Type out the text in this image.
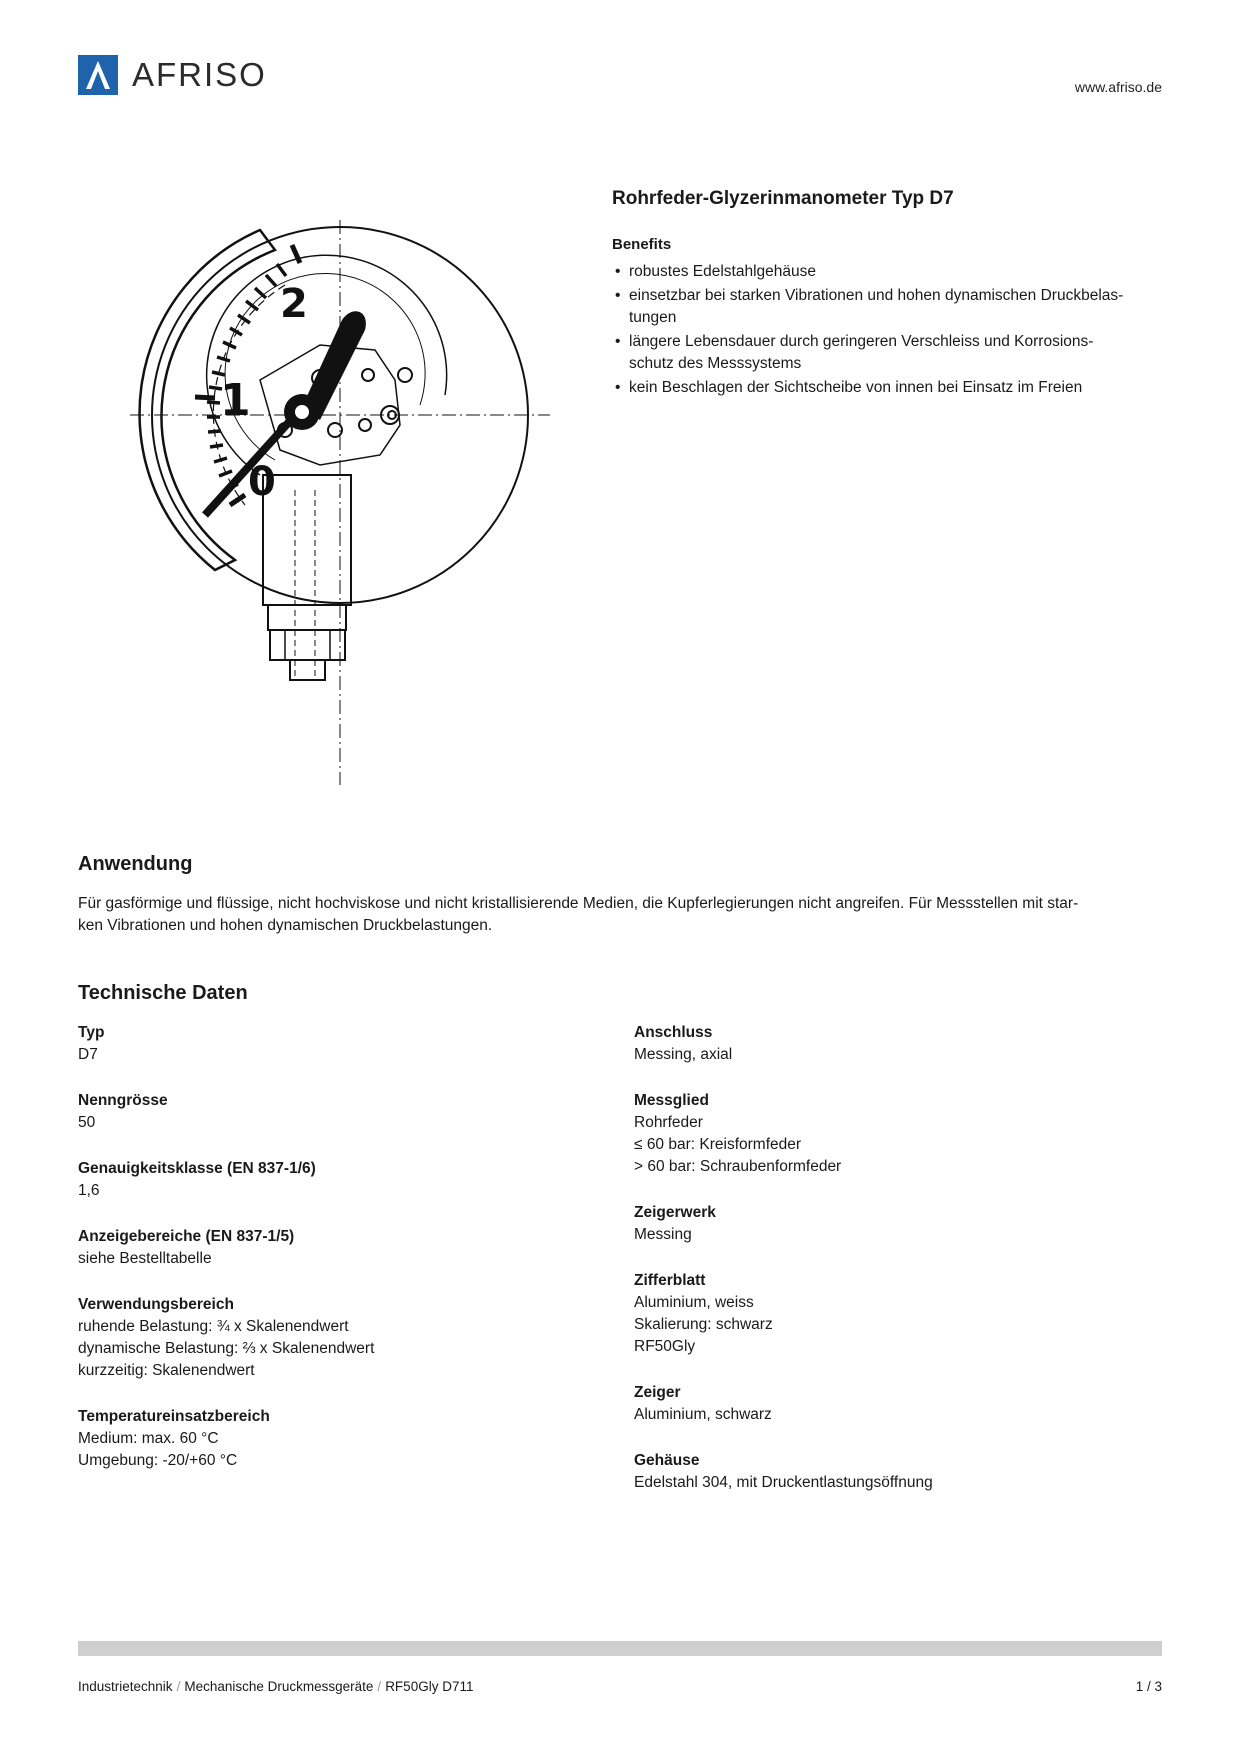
AFRISO	www.afriso.de
2
1
0
Rohrfeder-Glyzerinmanometer Typ D7
Benefits
• robustes Edelstahlgehäuse
• einsetzbar bei starken Vibrationen und hohen dynamischen Druckbelas-
tungen
• längere Lebensdauer durch geringeren Verschleiss und Korrosions-
schutz des Messsystems
• kein Beschlagen der Sichtscheibe von innen bei Einsatz im Freien
Anwendung

Für gasförmige und flüssige, nicht hochviskose und nicht kristallisierende Medien, die Kupferlegierungen nicht angreifen. Für Messstellen mit star-
ken Vibrationen und hohen dynamischen Druckbelastungen.

Technische Daten
Typ
D7
Nenngrösse
50
Genauigkeitsklasse (EN 837-1/6)
1,6
Anzeigebereiche (EN 837-1/5)
siehe Bestelltabelle
Verwendungsbereich
ruhende Belastung: ¾ x Skalenendwert
dynamische Belastung: ⅔ x Skalenendwert
kurzzeitig: Skalenendwert
Temperatureinsatzbereich
Medium: max. 60 °C
Umgebung: -20/+60 °C
Anschluss
Messing, axial
Messglied
Rohrfeder
≤ 60 bar: Kreisformfeder
> 60 bar: Schraubenformfeder
Zeigerwerk
Messing
Zifferblatt
Aluminium, weiss
Skalierung: schwarz
RF50Gly
Zeiger
Aluminium, schwarz
Gehäuse
Edelstahl 304, mit Druckentlastungsöffnung
Industrietechnik / Mechanische Druckmessgeräte / RF50Gly D711	1 / 3
